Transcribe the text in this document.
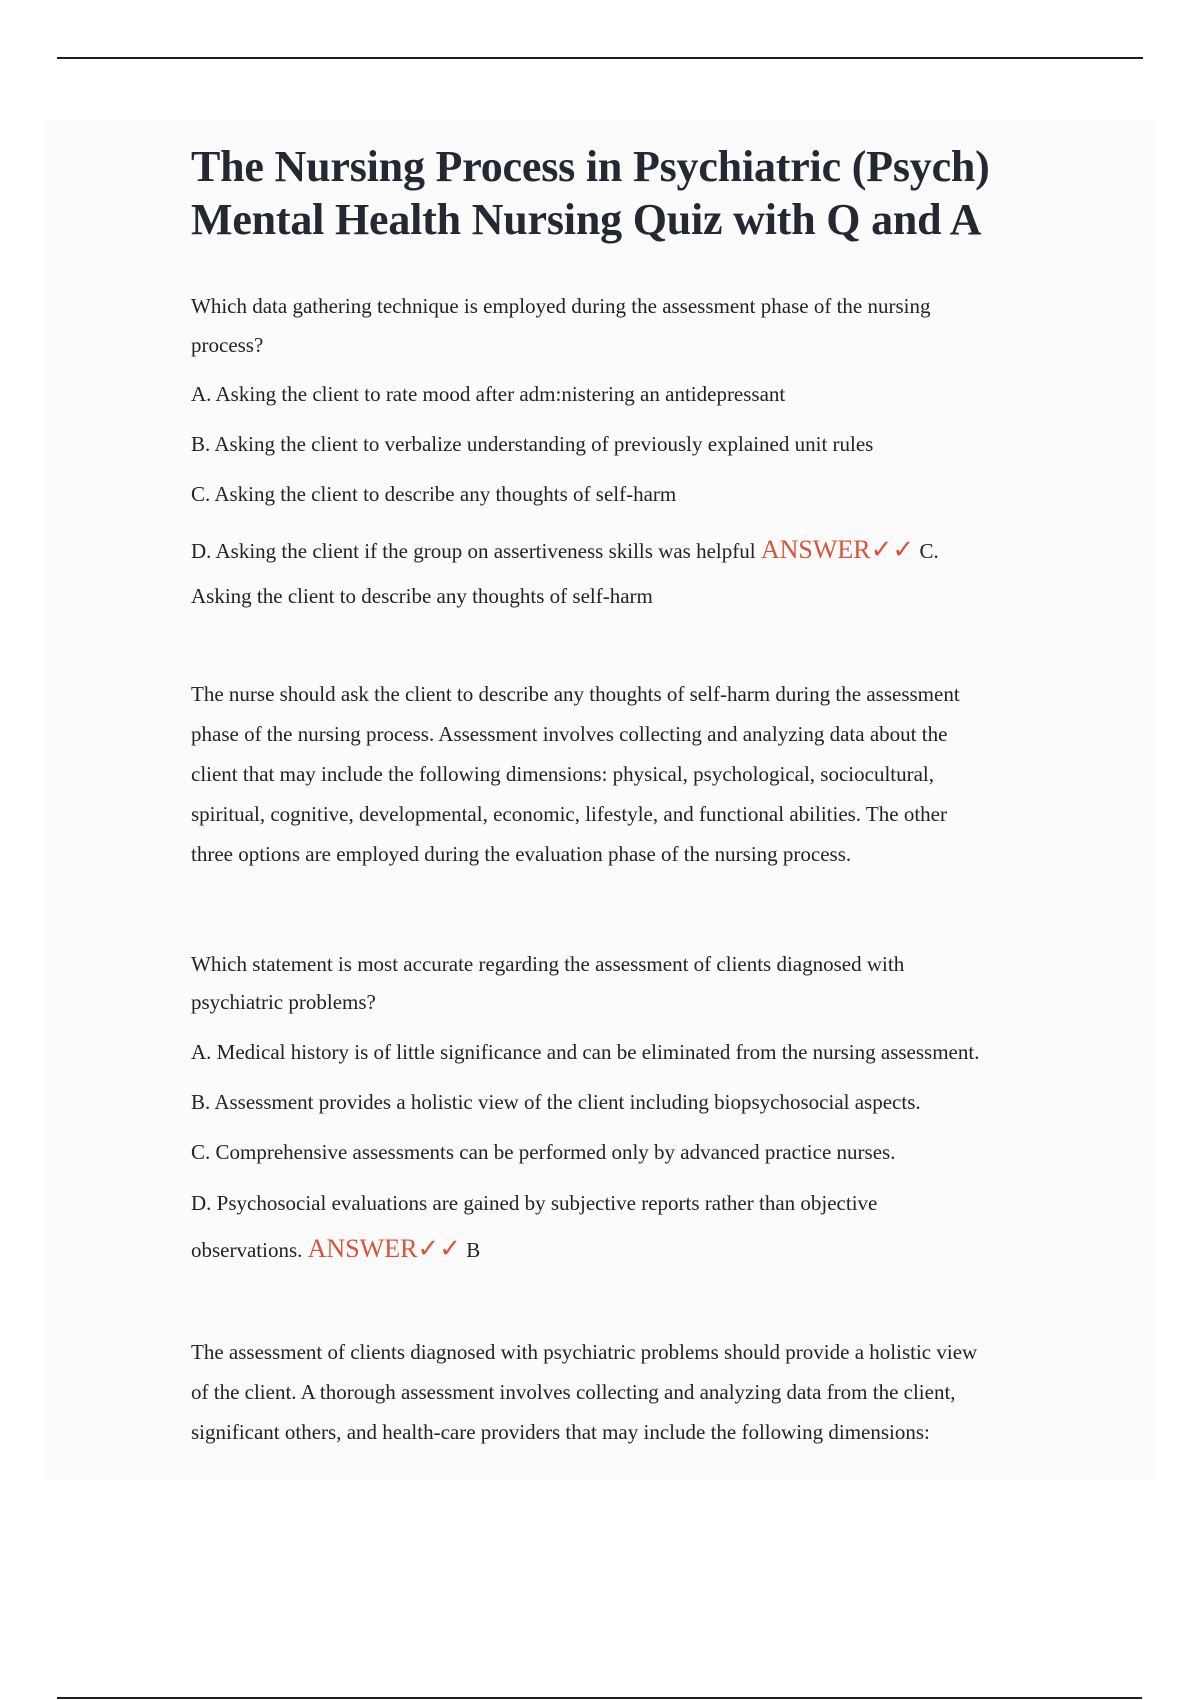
The Nursing Process in Psychiatric (Psych)
Mental Health Nursing Quiz with Q and A

Which data gathering technique is employed during the assessment phase of the nursing

process?

A. Asking the client to rate mood after adm:nistering an antidepressant

B. Asking the client to verbalize understanding of previously explained unit rules

C. Asking the client to describe any thoughts of self-harm

D. Asking the client if the group on assertiveness skills was helpful ANSWER✓✓ C.

Asking the client to describe any thoughts of self-harm

The nurse should ask the client to describe any thoughts of self-harm during the assessment
phase of the nursing process. Assessment involves collecting and analyzing data about the
client that may include the following dimensions: physical, psychological, sociocultural,
spiritual, cognitive, developmental, economic, lifestyle, and functional abilities. The other
three options are employed during the evaluation phase of the nursing process.

Which statement is most accurate regarding the assessment of clients diagnosed with

psychiatric problems?

A. Medical history is of little significance and can be eliminated from the nursing assessment.

B. Assessment provides a holistic view of the client including biopsychosocial aspects.

C. Comprehensive assessments can be performed only by advanced practice nurses.

D. Psychosocial evaluations are gained by subjective reports rather than objective

observations. ANSWER✓✓ B

The assessment of clients diagnosed with psychiatric problems should provide a holistic view
of the client. A thorough assessment involves collecting and analyzing data from the client,
significant others, and health-care providers that may include the following dimensions:
